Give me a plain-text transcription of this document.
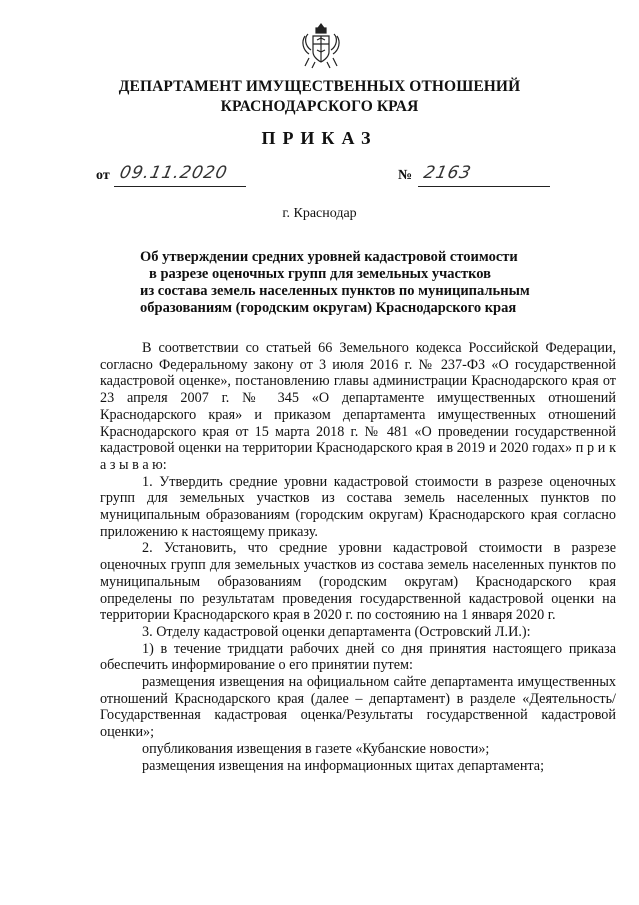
ДЕПАРТАМЕНТ ИМУЩЕСТВЕННЫХ ОТНОШЕНИЙ
КРАСНОДАРСКОГО КРАЯ
ПРИКАЗ
от 09.11.2020	№ 2163
г. Краснодар
Об утверждении средних уровней кадастровой стоимости
в разрезе оценочных групп для земельных участков
из состава земель населенных пунктов по муниципальным
образованиям (городским округам) Краснодарского края

В соответствии со статьей 66 Земельного кодекса Российской Федерации, согласно Федеральному закону от 3 июля 2016 г. № 237-ФЗ «О государственной кадастровой оценке», постановлению главы администрации Краснодарского края от 23 апреля 2007 г. № 345 «О департаменте имущественных отношений Краснодарского края» и приказом департамента имущественных отношений Краснодарского края от 15 марта 2018 г. № 481 «О проведении государственной кадастровой оценки на территории Краснодарского края в 2019 и 2020 годах» п р и к а з ы в а ю:

1. Утвердить средние уровни кадастровой стоимости в разрезе оценочных групп для земельных участков из состава земель населенных пунктов по муниципальным образованиям (городским округам) Краснодарского края согласно приложению к настоящему приказу.

2. Установить, что средние уровни кадастровой стоимости в разрезе оценочных групп для земельных участков из состава земель населенных пунктов по муниципальным образованиям (городским округам) Краснодарского края определены по результатам проведения государственной кадастровой оценки на территории Краснодарского края в 2020 г. по состоянию на 1 января 2020 г.

3. Отделу кадастровой оценки департамента (Островский Л.И.):

1) в течение тридцати рабочих дней со дня принятия настоящего приказа обеспечить информирование о его принятии путем:

размещения извещения на официальном сайте департамента имущественных отношений Краснодарского края (далее – департамент) в разделе «Деятельность/Государственная кадастровая оценка/Результаты государственной кадастровой оценки»;

опубликования извещения в газете «Кубанские новости»;

размещения извещения на информационных щитах департамента;
